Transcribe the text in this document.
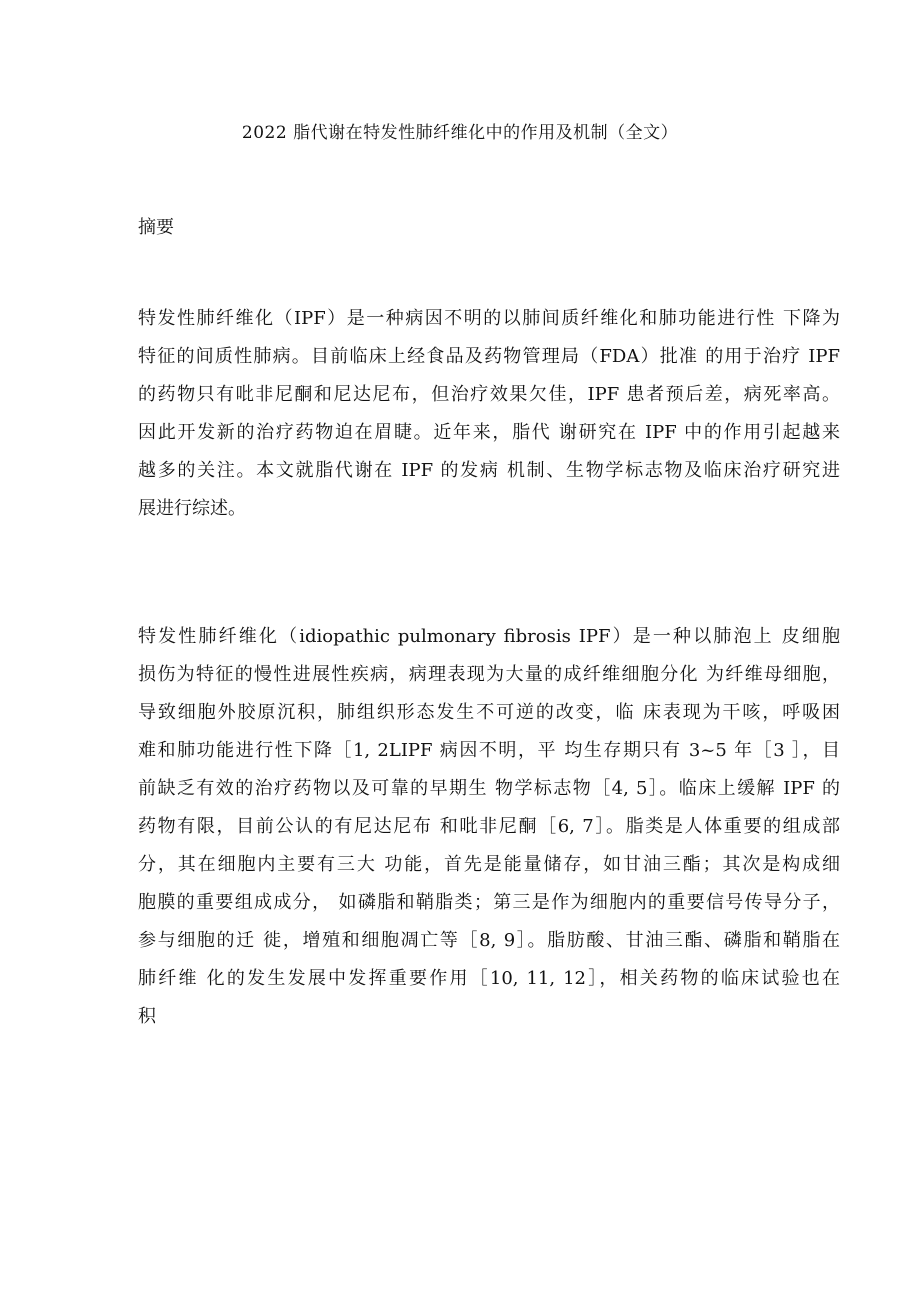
2022 脂代谢在特发性肺纤维化中的作用及机制（全文）
摘要
特发性肺纤维化（IPF）是一种病因不明的以肺间质纤维化和肺功能进行性 下降为
特征的间质性肺病。目前临床上经食品及药物管理局（FDA）批准 的用于治疗 IPF
的药物只有吡非尼酮和尼达尼布，但治疗效果欠佳，IPF 患者预后差，病死率高。
因此开发新的治疗药物迫在眉睫。近年来，脂代 谢研究在 IPF 中的作用引起越来
越多的关注。本文就脂代谢在 IPF 的发病 机制、生物学标志物及临床治疗研究进
展进行综述。
特发性肺纤维化（idiopathic pulmonary fibrosis IPF）是一种以肺泡上 皮细胞
损伤为特征的慢性进展性疾病，病理表现为大量的成纤维细胞分化 为纤维母细胞，
导致细胞外胶原沉积，肺组织形态发生不可逆的改变，临 床表现为干咳，呼吸困
难和肺功能进行性下降［1, 2LIPF 病因不明，平 均生存期只有 3~5 年［3 ］，目
前缺乏有效的治疗药物以及可靠的早期生 物学标志物［4, 5］。临床上缓解 IPF 的
药物有限，目前公认的有尼达尼布 和吡非尼酮［6, 7］。脂类是人体重要的组成部
分，其在细胞内主要有三大 功能，首先是能量储存，如甘油三酯；其次是构成细
胞膜的重要组成成分， 如磷脂和鞘脂类；第三是作为细胞内的重要信号传导分子，
参与细胞的迁 徙，增殖和细胞凋亡等［8, 9］。脂肪酸、甘油三酯、磷脂和鞘脂在
肺纤维 化的发生发展中发挥重要作用［10, 11, 12］，相关药物的临床试验也在
积
